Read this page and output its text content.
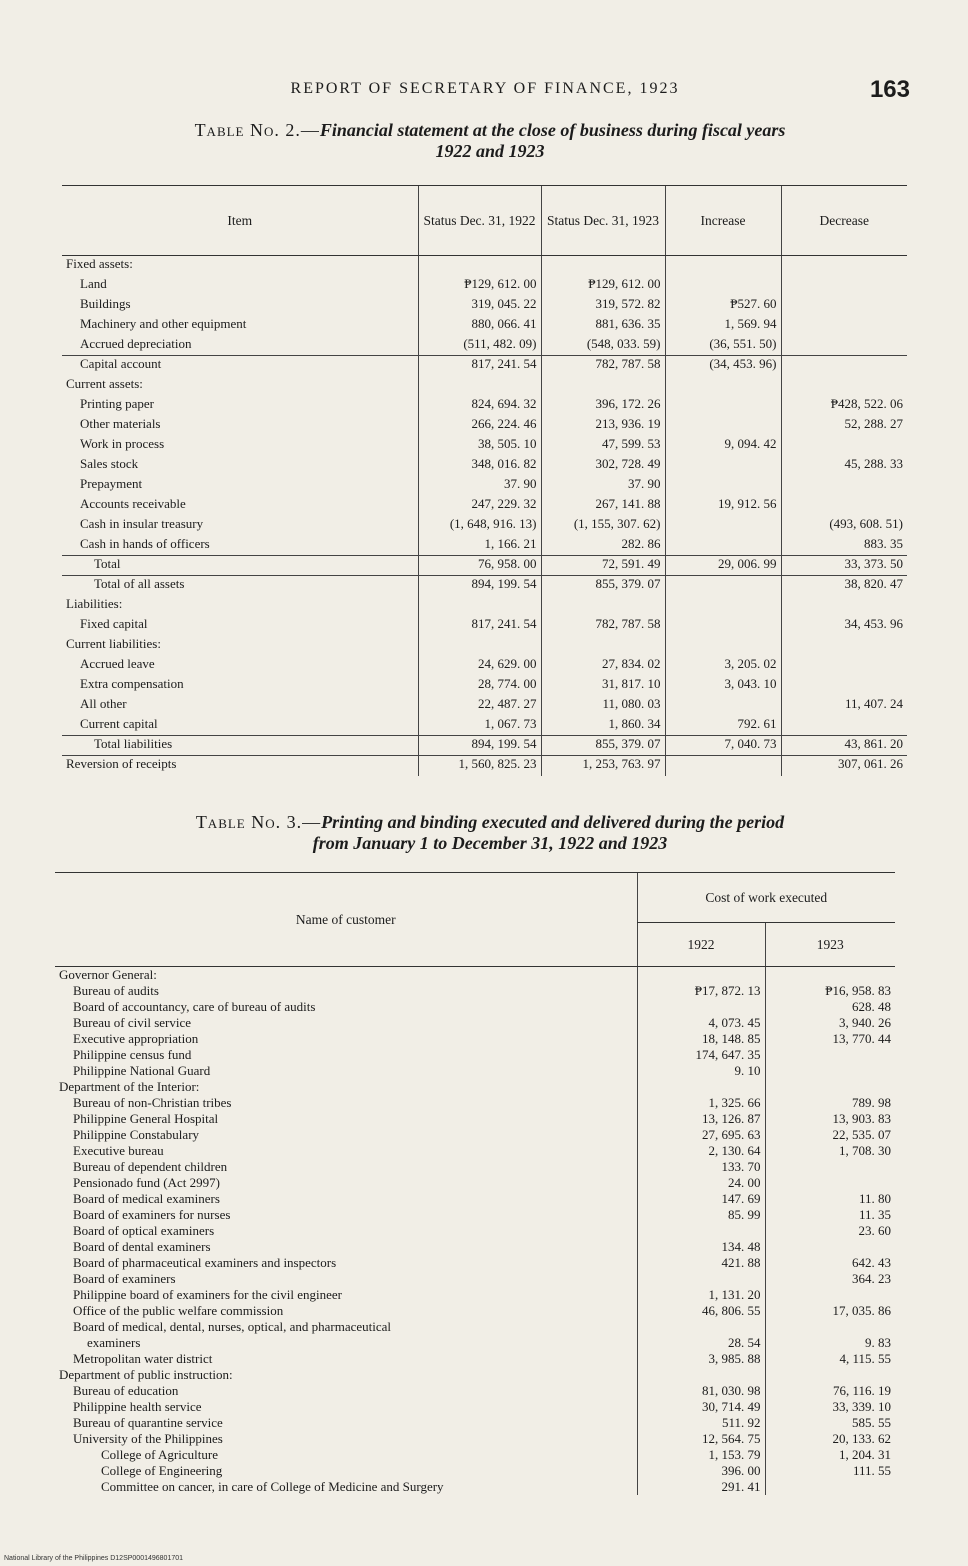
REPORT OF SECRETARY OF FINANCE, 1923	163
Table No. 2.—Financial statement at the close of business during fiscal years
1922 and 1923
Item	Status Dec. 31, 1922	Status Dec. 31, 1923	Increase	Decrease
Fixed assets:				
Land	₱129, 612. 00	₱129, 612. 00		
Buildings	319, 045. 22	319, 572. 82	₱527. 60	
Machinery and other equipment	880, 066. 41	881, 636. 35	1, 569. 94	
Accrued depreciation	(511, 482. 09)	(548, 033. 59)	(36, 551. 50)	
Capital account	817, 241. 54	782, 787. 58	(34, 453. 96)	
Current assets:				
Printing paper	824, 694. 32	396, 172. 26		₱428, 522. 06
Other materials	266, 224. 46	213, 936. 19		52, 288. 27
Work in process	38, 505. 10	47, 599. 53	9, 094. 42	
Sales stock	348, 016. 82	302, 728. 49		45, 288. 33
Prepayment	37. 90	37. 90		
Accounts receivable	247, 229. 32	267, 141. 88	19, 912. 56	
Cash in insular treasury	(1, 648, 916. 13)	(1, 155, 307. 62)		(493, 608. 51)
Cash in hands of officers	1, 166. 21	282. 86		883. 35
Total	76, 958. 00	72, 591. 49	29, 006. 99	33, 373. 50
Total of all assets	894, 199. 54	855, 379. 07		38, 820. 47
Liabilities:				
Fixed capital	817, 241. 54	782, 787. 58		34, 453. 96
Current liabilities:				
Accrued leave	24, 629. 00	27, 834. 02	3, 205. 02	
Extra compensation	28, 774. 00	31, 817. 10	3, 043. 10	
All other	22, 487. 27	11, 080. 03		11, 407. 24
Current capital	1, 067. 73	1, 860. 34	792. 61	
Total liabilities	894, 199. 54	855, 379. 07	7, 040. 73	43, 861. 20
Reversion of receipts	1, 560, 825. 23	1, 253, 763. 97		307, 061. 26
Table No. 3.—Printing and binding executed and delivered during the period
from January 1 to December 31, 1922 and 1923
Name of customer	Cost of work executed	
	1922	1923
Governor General:		
Bureau of audits	₱17, 872. 13	₱16, 958. 83
Board of accountancy, care of bureau of audits		628. 48
Bureau of civil service	4, 073. 45	3, 940. 26
Executive appropriation	18, 148. 85	13, 770. 44
Philippine census fund	174, 647. 35	
Philippine National Guard	9. 10	
Department of the Interior:		
Bureau of non-Christian tribes	1, 325. 66	789. 98
Philippine General Hospital	13, 126. 87	13, 903. 83
Philippine Constabulary	27, 695. 63	22, 535. 07
Executive bureau	2, 130. 64	1, 708. 30
Bureau of dependent children	133. 70	
Pensionado fund (Act 2997)	24. 00	
Board of medical examiners	147. 69	11. 80
Board of examiners for nurses	85. 99	11. 35
Board of optical examiners		23. 60
Board of dental examiners	134. 48	
Board of pharmaceutical examiners and inspectors	421. 88	642. 43
Board of examiners		364. 23
Philippine board of examiners for the civil engineer	1, 131. 20	
Office of the public welfare commission	46, 806. 55	17, 035. 86
Board of medical, dental, nurses, optical, and pharmaceutical		
examiners	28. 54	9. 83
Metropolitan water district	3, 985. 88	4, 115. 55
Department of public instruction:		
Bureau of education	81, 030. 98	76, 116. 19
Philippine health service	30, 714. 49	33, 339. 10
Bureau of quarantine service	511. 92	585. 55
University of the Philippines	12, 564. 75	20, 133. 62
College of Agriculture	1, 153. 79	1, 204. 31
College of Engineering	396. 00	111. 55
Committee on cancer, in care of College of Medicine and Surgery	291. 41	
National Library of the Philippines D12SP0001496801701
